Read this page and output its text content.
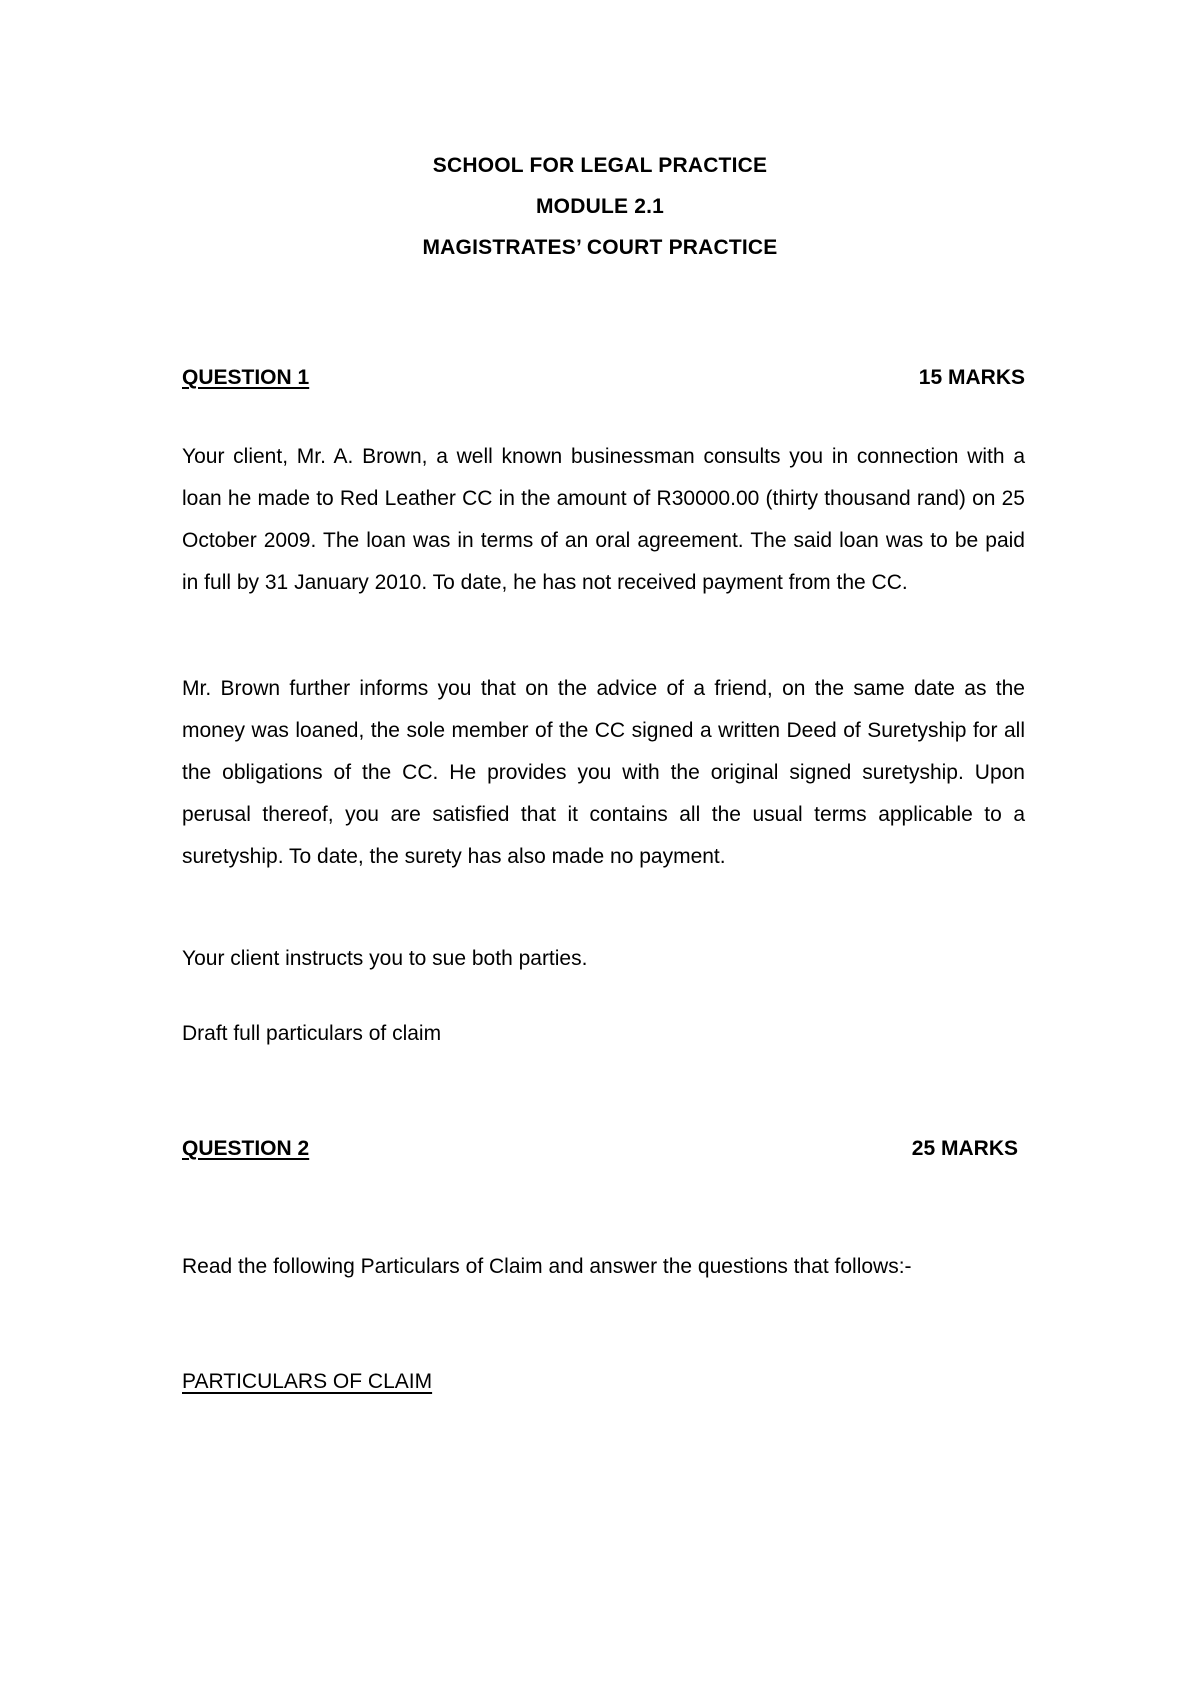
SCHOOL FOR LEGAL PRACTICE
MODULE 2.1
MAGISTRATES’ COURT PRACTICE
QUESTION 1	15 MARKS

Your client, Mr. A. Brown, a well known businessman consults you in connection with a loan he made to Red Leather CC in the amount of R30000.00 (thirty thousand rand) on 25 October 2009. The loan was in terms of an oral agreement. The said loan was to be paid in full by 31 January 2010. To date, he has not received payment from the CC.

Mr. Brown further informs you that on the advice of a friend, on the same date as the money was loaned, the sole member of the CC signed a written Deed of Suretyship for all the obligations of the CC. He provides you with the original signed suretyship. Upon perusal thereof, you are satisfied that it contains all the usual terms applicable to a suretyship. To date, the surety has also made no payment.

Your client instructs you to sue both parties.

Draft full particulars of claim

QUESTION 2	25 MARKS

Read the following Particulars of Claim and answer the questions that follows:-

PARTICULARS OF CLAIM
